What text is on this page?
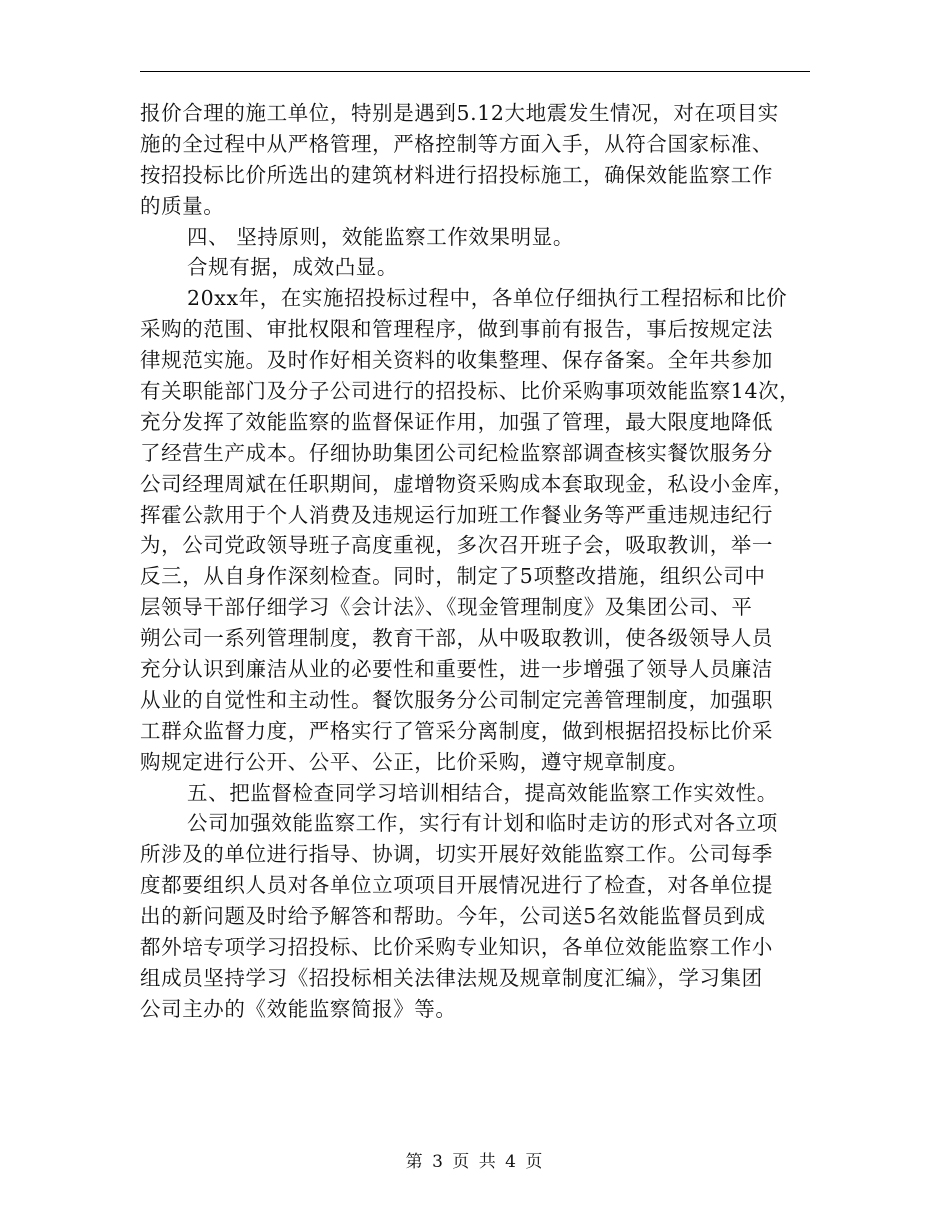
报价合理的施工单位，特别是遇到5.12大地震发生情况，对在项目实
施的全过程中从严格管理，严格控制等方面入手，从符合国家标准、
按招投标比价所选出的建筑材料进行招投标施工，确保效能监察工作
的质量。
四、 坚持原则，效能监察工作效果明显。
合规有据，成效凸显。
20xx年，在实施招投标过程中，各单位仔细执行工程招标和比价
采购的范围、审批权限和管理程序，做到事前有报告，事后按规定法
律规范实施。及时作好相关资料的收集整理、保存备案。全年共参加
有关职能部门及分子公司进行的招投标、比价采购事项效能监察14次，
充分发挥了效能监察的监督保证作用，加强了管理，最大限度地降低
了经营生产成本。仔细协助集团公司纪检监察部调查核实餐饮服务分
公司经理周斌在任职期间，虚增物资采购成本套取现金，私设小金库，
挥霍公款用于个人消费及违规运行加班工作餐业务等严重违规违纪行
为，公司党政领导班子高度重视，多次召开班子会，吸取教训，举一
反三，从自身作深刻检查。同时，制定了5项整改措施，组织公司中
层领导干部仔细学习《会计法》、《现金管理制度》及集团公司、平
朔公司一系列管理制度，教育干部，从中吸取教训，使各级领导人员
充分认识到廉洁从业的必要性和重要性，进一步增强了领导人员廉洁
从业的自觉性和主动性。餐饮服务分公司制定完善管理制度，加强职
工群众监督力度，严格实行了管采分离制度，做到根据招投标比价采
购规定进行公开、公平、公正，比价采购，遵守规章制度。
五、把监督检查同学习培训相结合，提高效能监察工作实效性。
公司加强效能监察工作，实行有计划和临时走访的形式对各立项
所涉及的单位进行指导、协调，切实开展好效能监察工作。公司每季
度都要组织人员对各单位立项项目开展情况进行了检查，对各单位提
出的新问题及时给予解答和帮助。今年，公司送5名效能监督员到成
都外培专项学习招投标、比价采购专业知识，各单位效能监察工作小
组成员坚持学习《招投标相关法律法规及规章制度汇编》，学习集团
公司主办的《效能监察简报》等。
第 3 页 共 4 页
